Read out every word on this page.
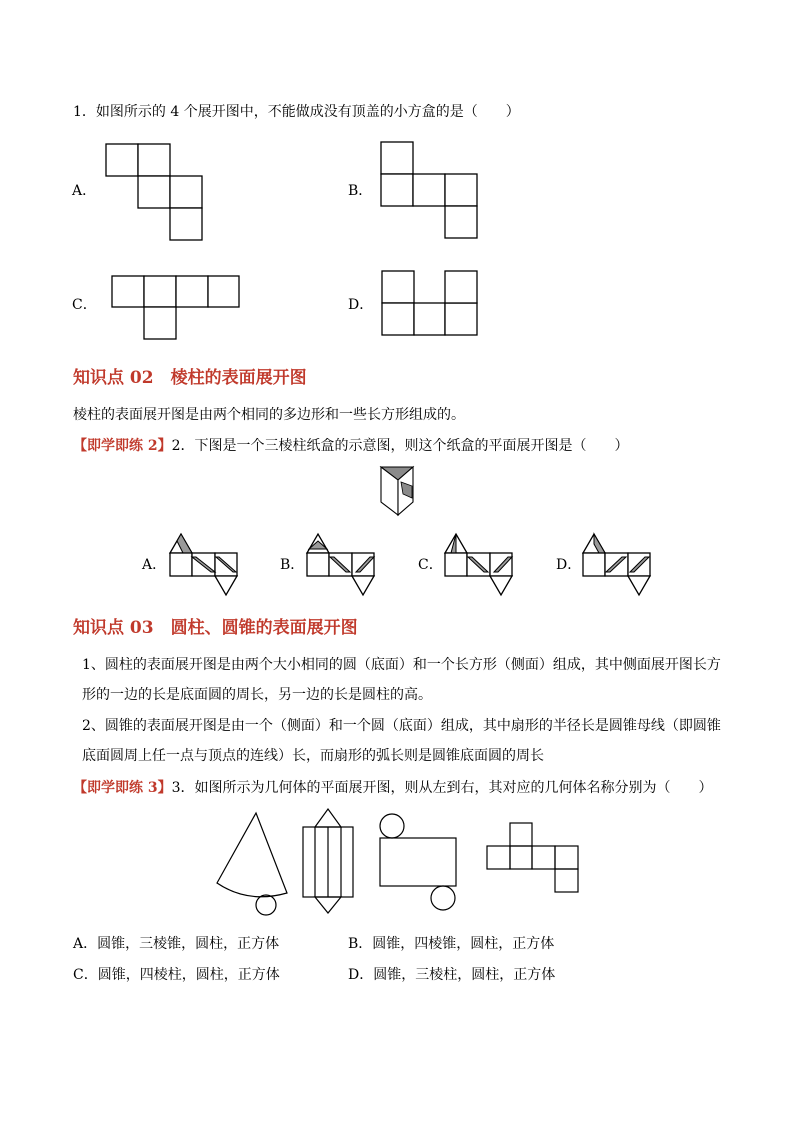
1．如图所示的 4 个展开图中，不能做成没有顶盖的小方盒的是（　　）
A．	B．
C．	D．
知识点 02　棱柱的表面展开图
棱柱的表面展开图是由两个相同的多边形和一些长方形组成的。
【即学即练 2】2．下图是一个三棱柱纸盒的示意图，则这个纸盒的平面展开图是（　　）
A．	B．	C．	D．
知识点 03　圆柱、圆锥的表面展开图
1、圆柱的表面展开图是由两个大小相同的圆（底面）和一个长方形（侧面）组成，其中侧面展开图长方形的一边的长是底面圆的周长，另一边的长是圆柱的高。
2、圆锥的表面展开图是由一个（侧面）和一个圆（底面）组成，其中扇形的半径长是圆锥母线（即圆锥底面圆周上任一点与顶点的连线）长，而扇形的弧长则是圆锥底面圆的周长
【即学即练 3】3．如图所示为几何体的平面展开图，则从左到右，其对应的几何体名称分别为（　　）
A．圆锥，三棱锥，圆柱，正方体	B．圆锥，四棱锥，圆柱，正方体
C．圆锥，四棱柱，圆柱，正方体	D．圆锥，三棱柱，圆柱，正方体
